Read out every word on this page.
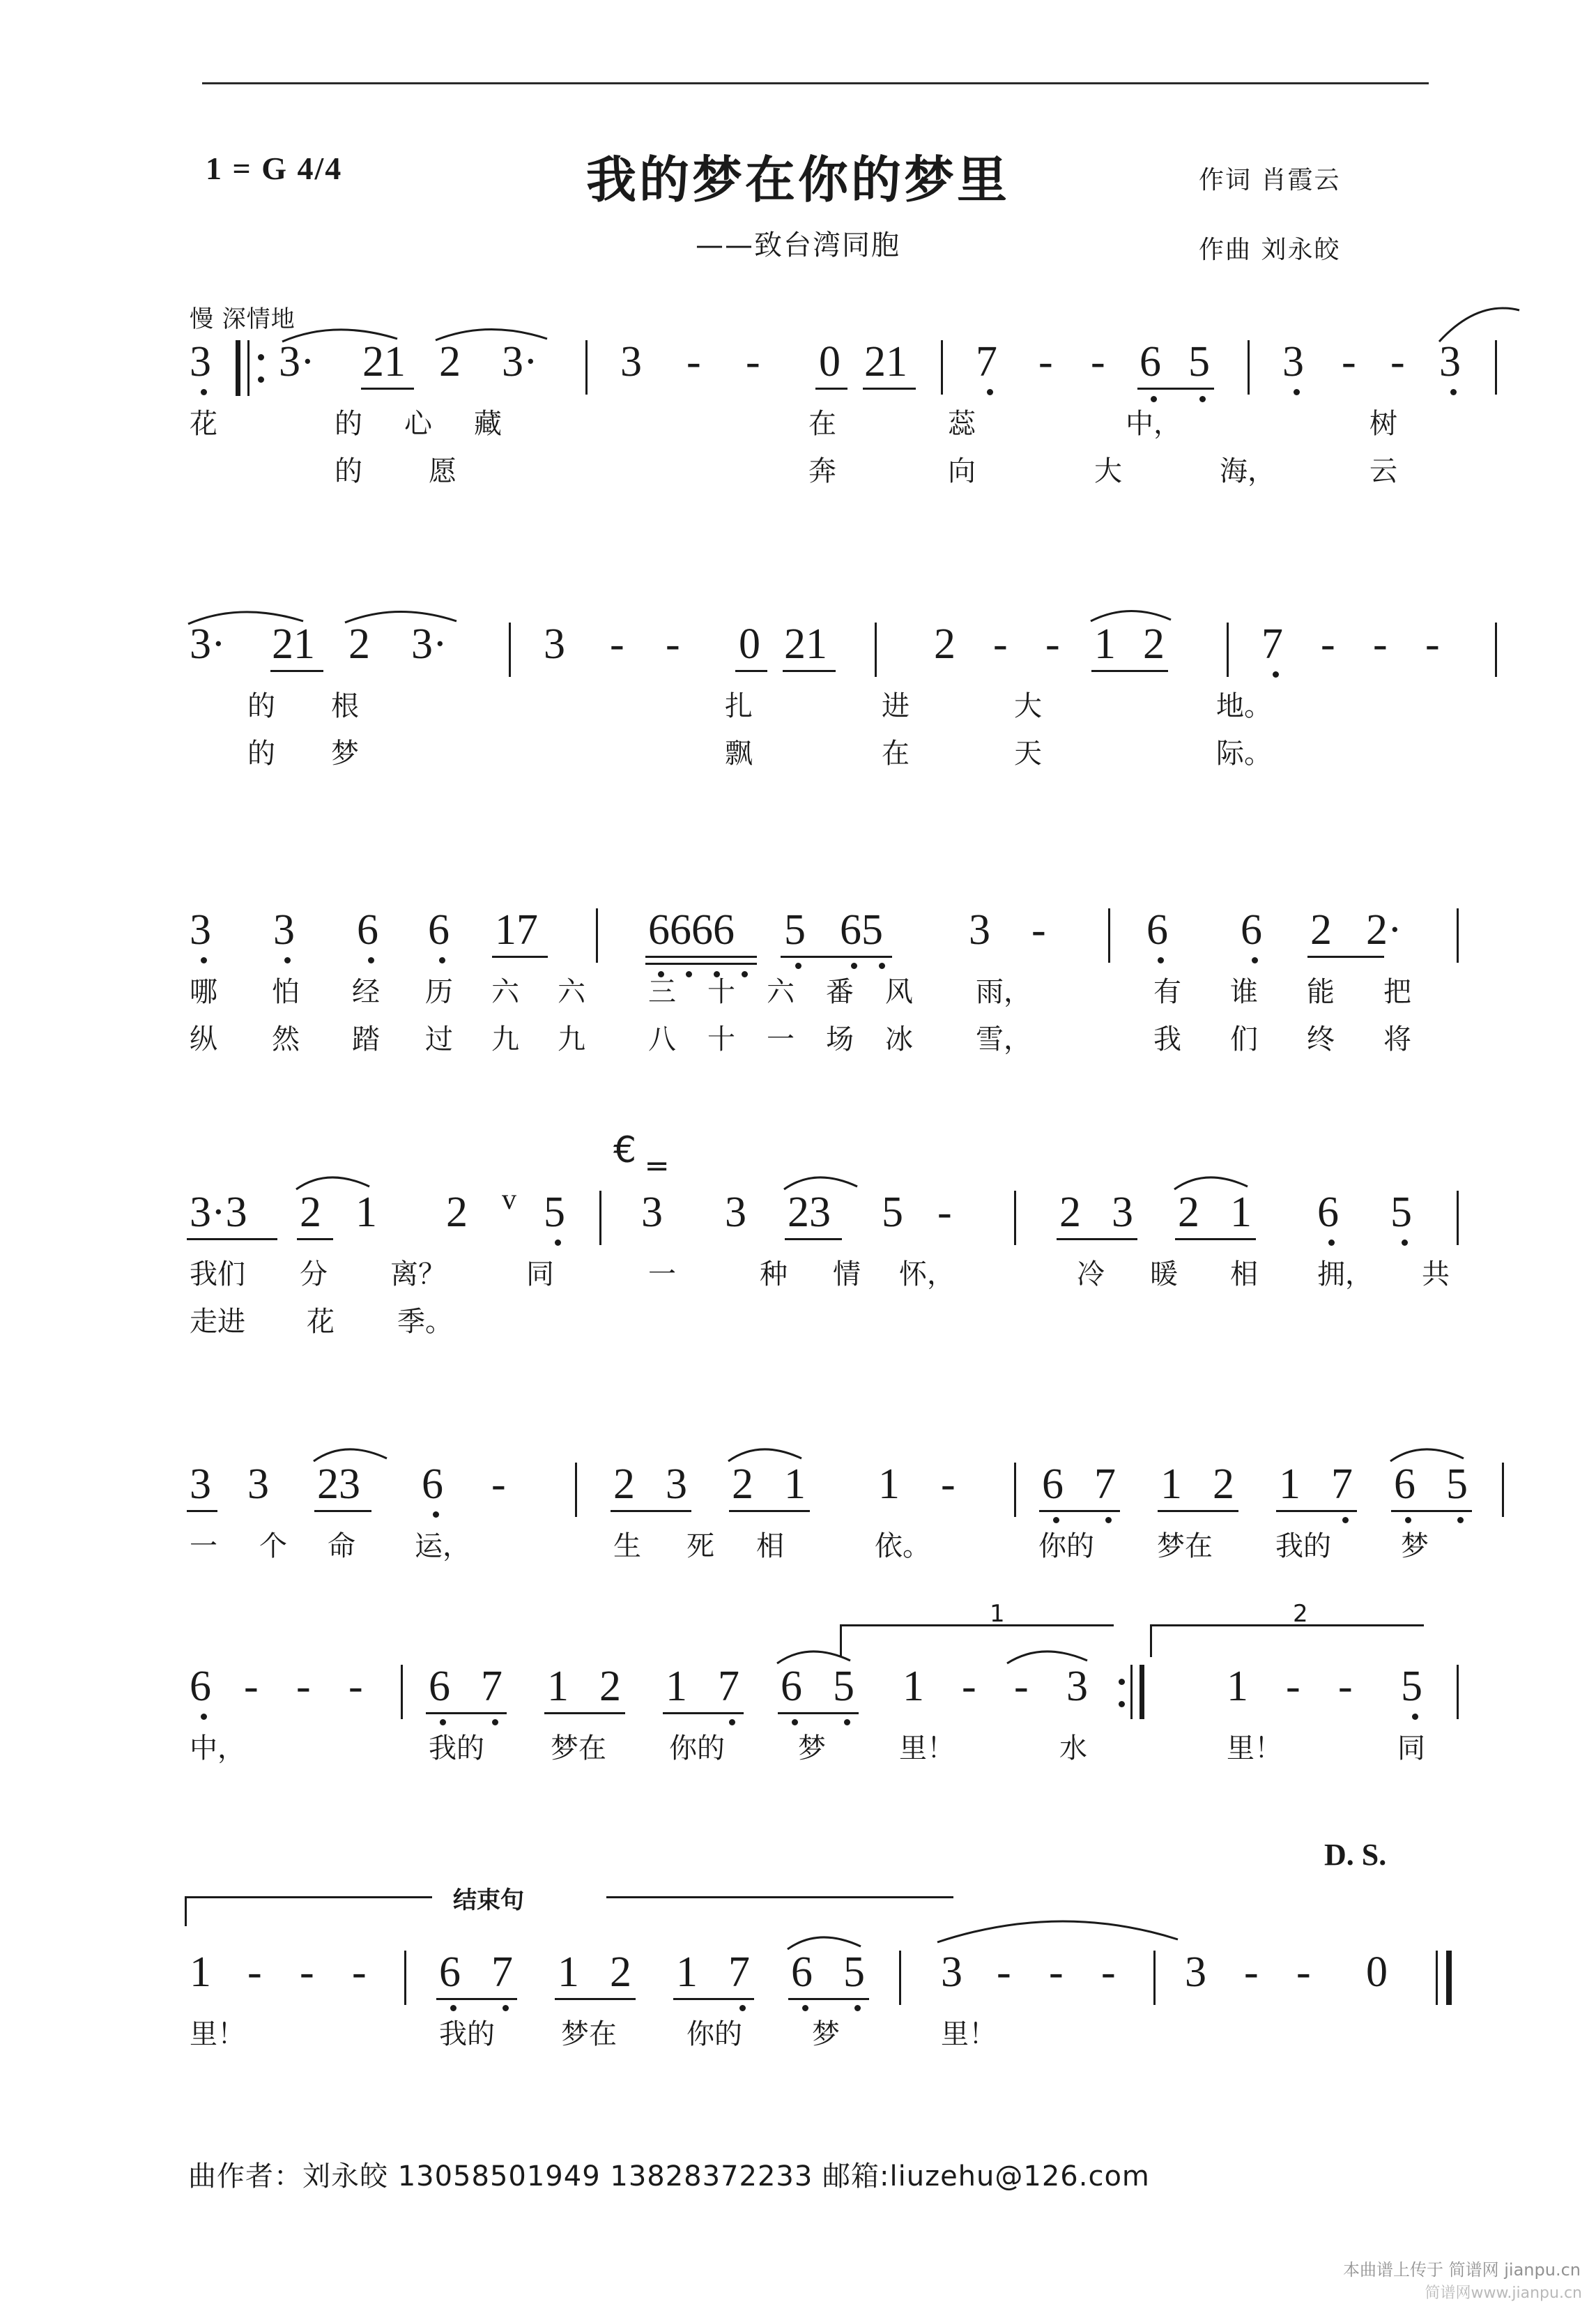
1 = G 4/4	我的梦在你的梦里
——致台湾同胞
作词 肖霞云
作曲 刘永皎
慢 深情地
3 3· 21 2 3· 3 - - 0 21 7 - - 6 5 3 - - 3
花	的 心 藏	在	蕊	中，	树
的 愿	奔	向	大	海，	云
3· 21 2 3· 3 - - 0 21 2 - - 1 2 7 - - -
的 根	扎	进	大	地。
的 梦	飘	在	天	际。
3 3 6 6 17	6666 5 65 3 - 6 6 2 2·
哪 怕 经 历 六 六 三 十 六 番 风 雨，	有 谁 能 把
纵 然 踏 过 九 九 八 十 一 场 冰 雪，	我 们 终 将
€ ‗
3·3 2 1 2 v 5 3 3 23 5 - 2 3 2 1 6 5
我们 分 离？	同	一	种 情 怀，	冷 暖 相 拥， 共
走进 花 季。
3 3 23 6 - 2 3 2 1 1 - 6 7 1 2 1 7 6 5
一 个 命 运，	生 死 相	依。	你的 梦在 我的	梦
1	2
6 - - - 6 7 1 2 1 7 6 5 1 - - 3	1 - - 5
中，	我的 梦在 你的	梦	里！	水	里！	同
D. S.
结束句
1 - - - 6 7 1 2 1 7 6 5 3 - - - 3 - - 0
里！	我的 梦在	你的	梦	里！
曲作者：刘永皎 13058501949 13828372233 邮箱:liuzehu@126.com
本曲谱上传于 简谱网 jianpu.cn
简谱网www.jianpu.cn
